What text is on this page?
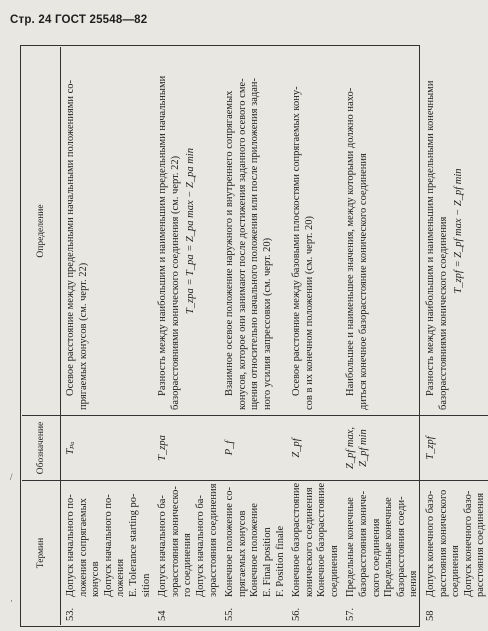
Стр. 24 ГОСТ 25548—82
/
·
Термин
Обозначение
Определение
53.Допуск начального по- ложения сопрягаемых конусов Допуск начального по- ложения E. Tolerance starting po- sition
Tₚₐ
Осевое расстояние между предельными начальными положениями со- прягаемых конусов (см. черт. 22)
54Допуск начального ба- зорасстояния коническо- го соединения Допуск начального ба- зорасстояния соединения
T_zpa
Разность между наибольшим и наименьшим предельными начальными базорасстояниями конического соединения (см. черт. 22) T_zpa = T_pa = Z_pa max − Z_pa min
55.Конечное положение со- прягаемых конусов Конечное положение E. Final position F. Position finale
P_f
Взаимное осевое положение наружного и внутреннего сопрягаемых конусов, которое они занимают после достижения заданного осевого сме- щения относительно начального положения или после приложения задан- ного усилия запрессовки (см. черт. 20)
56.Конечное базорасстояние конического соединения Конечное базорасстояние соединения
Z_pf
Осевое расстояние между базовыми плоскостями сопрягаемых кону- сов в их конечном положении (см. черт. 20)
57.Предельные конечные базорасстояния кониче- ского соединения Предельные конечные базорасстояния соеди- нения
Z_pf max, Z_pf min
Наибольшее и наименьшее значения, между которыми должно нахо- диться конечное базорасстояние конического соединения
58Допуск конечного базо- расстояния конического соединения Допуск конечного базо- расстояния соединения
T_zpf
Разность между наибольшим и наименьшим предельными конечными базорасстояниями конического соединения T_zpf = Z_pf max − Z_pf min
